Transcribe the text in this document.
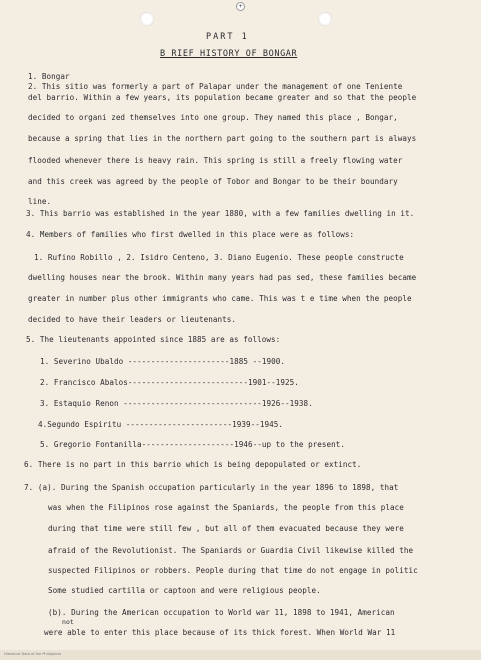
+
PART 1
B RIEF HISTORY OF BONGAR
1. Bongar
2. This sitio was formerly a part of Palapar under the management of one Teniente
del barrio. Within a few years, its population became greater and so that the people
decided to organi zed themselves into one group. They named this place , Bongar,
because a spring that lies in the northern part going to the southern part is always
flooded whenever there is heavy rain. This spring is still a freely flowing water
and this creek was agreed by the people of Tobor and Bongar to be their boundary
line.
3. This barrio was established in the year 1880, with a few families dwelling in it.
4. Members of families who first dwelled in this place were as follows:
1. Rufino Robillo , 2. Isidro Centeno, 3. Diano Eugenio. These people constructe
dwelling houses near the brook. Within many years had pas sed, these families became
greater in number plus other immigrants who came. This was t e time when the people
decided to have their leaders or lieutenants.
5. The lieutenants appointed since 1885 are as follows:
1. Severino Ubaldo ----------------------1885 --1900.
2. Francisco Abalos--------------------------1901--1925.
3. Estaquio Renon ------------------------------1926--1938.
4.Segundo Espiritu -----------------------1939--1945.
5. Gregorio Fontanilla--------------------1946--up to the present.
6. There is no part in this barrio which is being depopulated or extinct.
7. (a). During the Spanish occupation particularly in the year 1896 to 1898, that
was when the Filipinos rose against the Spaniards, the people from this place
during that time were still few , but all of them evacuated because they were
afraid of the Revolutionist. The Spaniards or Guardia Civil likewise killed the
suspected Filipinos or robbers. People during that time do not engage in politic
Some studied cartilla or captoon and were religious people.
(b). During the American occupation to World war 11, 1898 to 1941, American
not
were able to enter this place because of its thick forest. When World War 11
Historical Data of the Philippines
